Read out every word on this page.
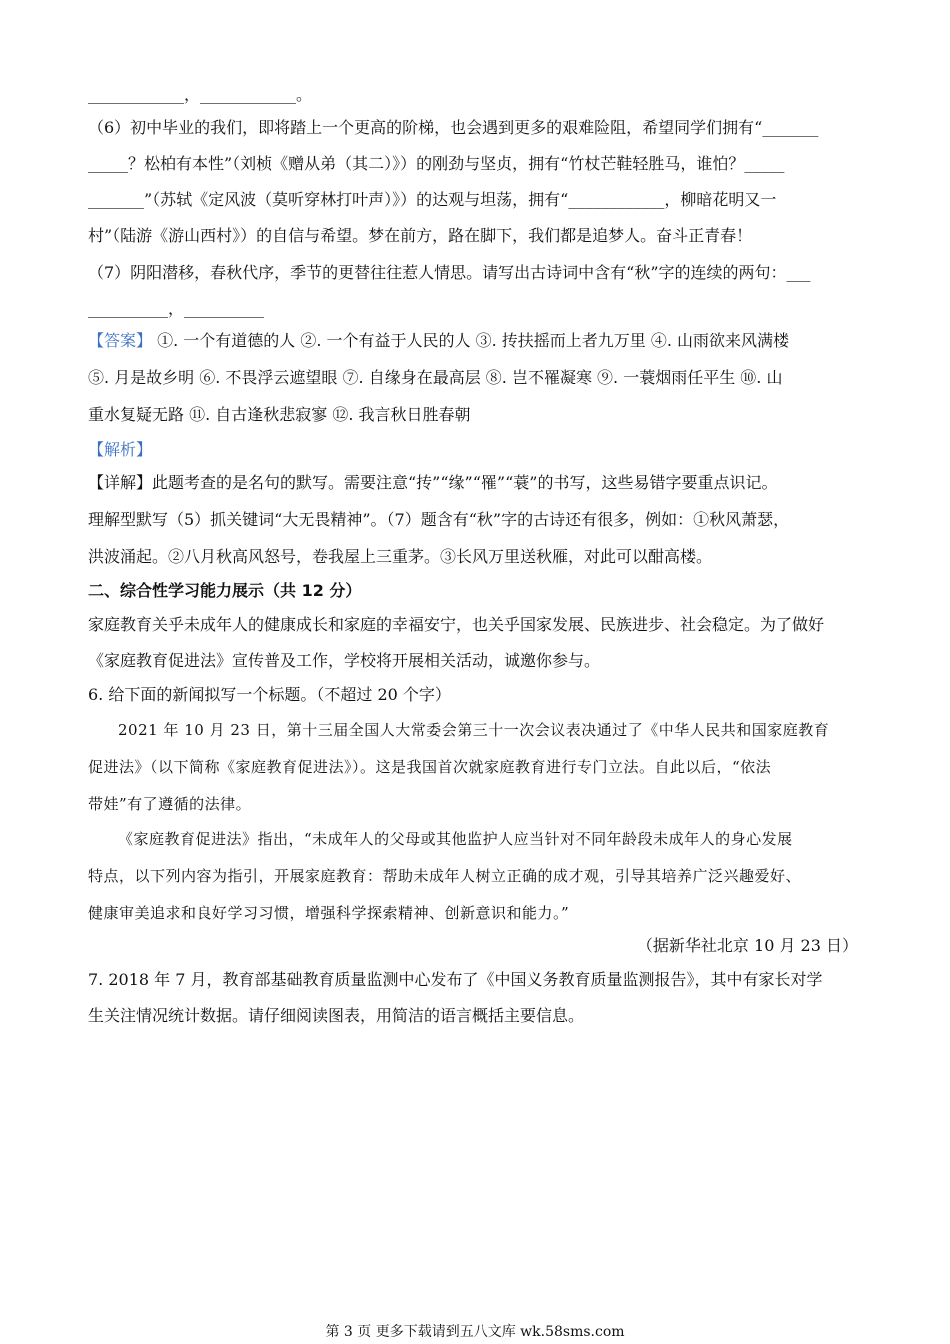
____________，____________。
（6）初中毕业的我们，即将踏上一个更高的阶梯，也会遇到更多的艰难险阻，希望同学们拥有“_______
_____？松柏有本性”（刘桢《赠从弟（其二）》）的刚劲与坚贞，拥有“竹杖芒鞋轻胜马，谁怕？_____
_______”（苏轼《定风波（莫听穿林打叶声）》）的达观与坦荡，拥有“____________，柳暗花明又一
村”（陆游《游山西村》）的自信与希望。梦在前方，路在脚下，我们都是追梦人。奋斗正青春！
（7）阴阳潜移，春秋代序，季节的更替往往惹人情思。请写出古诗词中含有“秋”字的连续的两句：___
__________，__________
【答案】 ①. 一个有道德的人 ②. 一个有益于人民的人 ③. 抟扶摇而上者九万里 ④. 山雨欲来风满楼
⑤. 月是故乡明 ⑥. 不畏浮云遮望眼 ⑦. 自缘身在最高层 ⑧. 岂不罹凝寒 ⑨. 一蓑烟雨任平生 ⑩. 山
重水复疑无路 ⑪. 自古逢秋悲寂寥 ⑫. 我言秋日胜春朝
【解析】
【详解】此题考查的是名句的默写。需要注意“抟”“缘”“罹”“蓑”的书写，这些易错字要重点识记。
理解型默写（5）抓关键词“大无畏精神”。（7）题含有“秋”字的古诗还有很多，例如：①秋风萧瑟，
洪波涌起。②八月秋高风怒号，卷我屋上三重茅。③长风万里送秋雁，对此可以酣高楼。
二、综合性学习能力展示（共 12 分）
家庭教育关乎未成年人的健康成长和家庭的幸福安宁，也关乎国家发展、民族进步、社会稳定。为了做好
《家庭教育促进法》宣传普及工作，学校将开展相关活动，诚邀你参与。
6. 给下面的新闻拟写一个标题。（不超过 20 个字）
2021 年 10 月 23 日，第十三届全国人大常委会第三十一次会议表决通过了《中华人民共和国家庭教育
促进法》（以下简称《家庭教育促进法》）。这是我国首次就家庭教育进行专门立法。自此以后，“依法
带娃”有了遵循的法律。
《家庭教育促进法》指出，“未成年人的父母或其他监护人应当针对不同年龄段未成年人的身心发展
特点，以下列内容为指引，开展家庭教育：帮助未成年人树立正确的成才观，引导其培养广泛兴趣爱好、
健康审美追求和良好学习习惯，增强科学探索精神、创新意识和能力。”
（据新华社北京 10 月 23 日）
7. 2018 年 7 月，教育部基础教育质量监测中心发布了《中国义务教育质量监测报告》，其中有家长对学
生关注情况统计数据。请仔细阅读图表，用简洁的语言概括主要信息。
第 3 页 更多下载请到五八文库 wk.58sms.com
